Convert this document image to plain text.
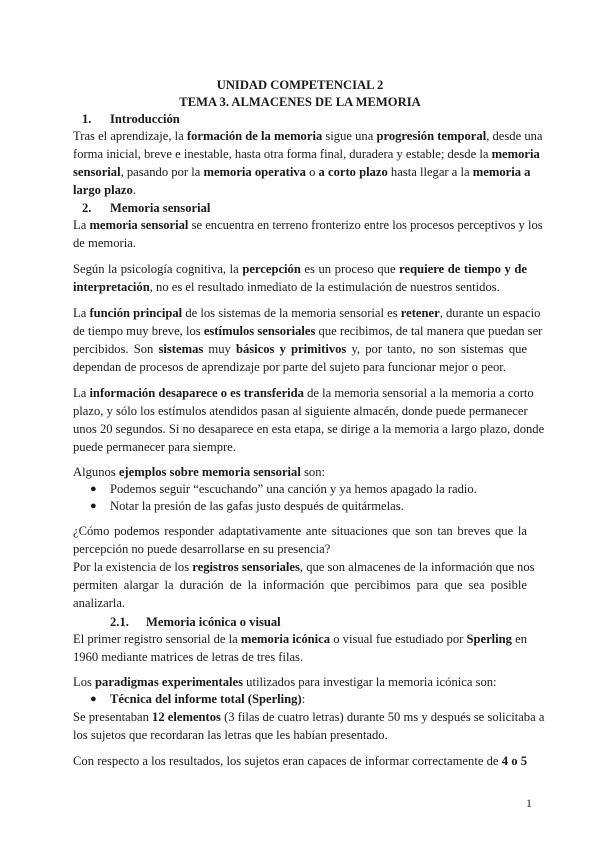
UNIDAD COMPETENCIAL 2
TEMA 3. ALMACENES DE LA MEMORIA
1. Introducción
Tras el aprendizaje, la formación de la memoria sigue una progresión temporal, desde una
forma inicial, breve e inestable, hasta otra forma final, duradera y estable; desde la memoria
sensorial, pasando por la memoria operativa o a corto plazo hasta llegar a la memoria a
largo plazo.
2. Memoria sensorial
La memoria sensorial se encuentra en terreno fronterizo entre los procesos perceptivos y los
de memoria.
Según la psicología cognitiva, la percepción es un proceso que requiere de tiempo y de
interpretación, no es el resultado inmediato de la estimulación de nuestros sentidos.
La función principal de los sistemas de la memoria sensorial es retener, durante un espacio
de tiempo muy breve, los estímulos sensoriales que recibimos, de tal manera que puedan ser
percibidos. Son sistemas muy básicos y primitivos y, por tanto, no son sistemas que
dependan de procesos de aprendizaje por parte del sujeto para funcionar mejor o peor.
La información desaparece o es transferida de la memoria sensorial a la memoria a corto
plazo, y sólo los estímulos atendidos pasan al siguiente almacén, donde puede permanecer
unos 20 segundos. Si no desaparece en esta etapa, se dirige a la memoria a largo plazo, donde
puede permanecer para siempre.
Algunos ejemplos sobre memoria sensorial son:
● Podemos seguir “escuchando” una canción y ya hemos apagado la radio.
● Notar la presión de las gafas justo después de quitármelas.
¿Cómo podemos responder adaptativamente ante situaciones que son tan breves que la
percepción no puede desarrollarse en su presencia?
Por la existencia de los registros sensoriales, que son almacenes de la información que nos
permiten alargar la duración de la información que percibimos para que sea posible
analizarla.
2.1. Memoria icónica o visual
El primer registro sensorial de la memoria icónica o visual fue estudiado por Sperling en
1960 mediante matrices de letras de tres filas.
Los paradigmas experimentales utilizados para investigar la memoria icónica son:
● Técnica del informe total (Sperling):
Se presentaban 12 elementos (3 filas de cuatro letras) durante 50 ms y después se solicitaba a
los sujetos que recordaran las letras que les habían presentado.
Con respecto a los resultados, los sujetos eran capaces de informar correctamente de 4 o 5
1
